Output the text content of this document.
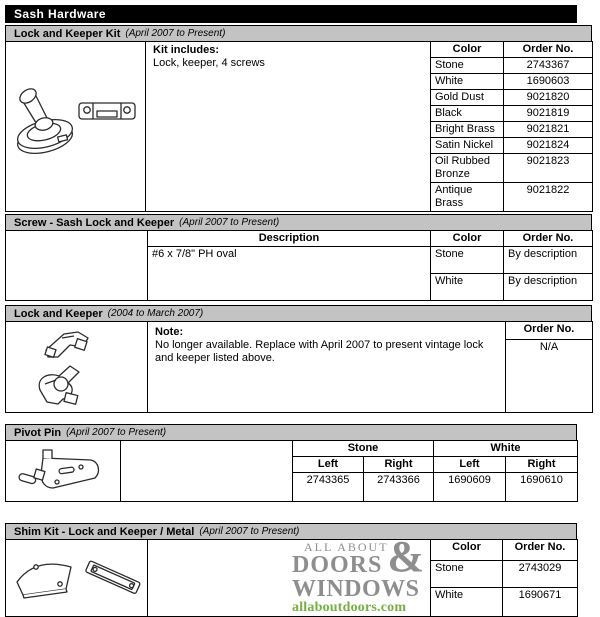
Sash Hardware
Lock and Keeper Kit (April 2007 to Present)

Kit includes:
Lock, keeper, 4 screws	Color	Order No.
		Stone	2743367
		White	1690603
		Gold Dust	9021820
		Black	9021819
		Bright Brass	9021821
		Satin Nickel	9021824
		Oil Rubbed Bronze	9021823
		Antique Brass	9021822
Screw - Sash Lock and Keeper (April 2007 to Present)
	Description	Color	Order No.
	#6 x 7/8" PH oval	Stone	By description
		White	By description
Lock and Keeper (2004 to March 2007)

Note:
No longer available. Replace with April 2007 to present vintage lock and keeper listed above.
	Order No.
N/A
Pivot Pin (April 2007 to Present)
		Stone		White	
		Left	Right	Left	Right
		2743365	2743366	1690609	1690610
Shim Kit - Lock and Keeper / Metal (April 2007 to Present)

ALL ABOUT
DOORS
WINDOWS
allaboutdoors.com
&	Color	Order No.
		Stone	2743029
		White	1690671
